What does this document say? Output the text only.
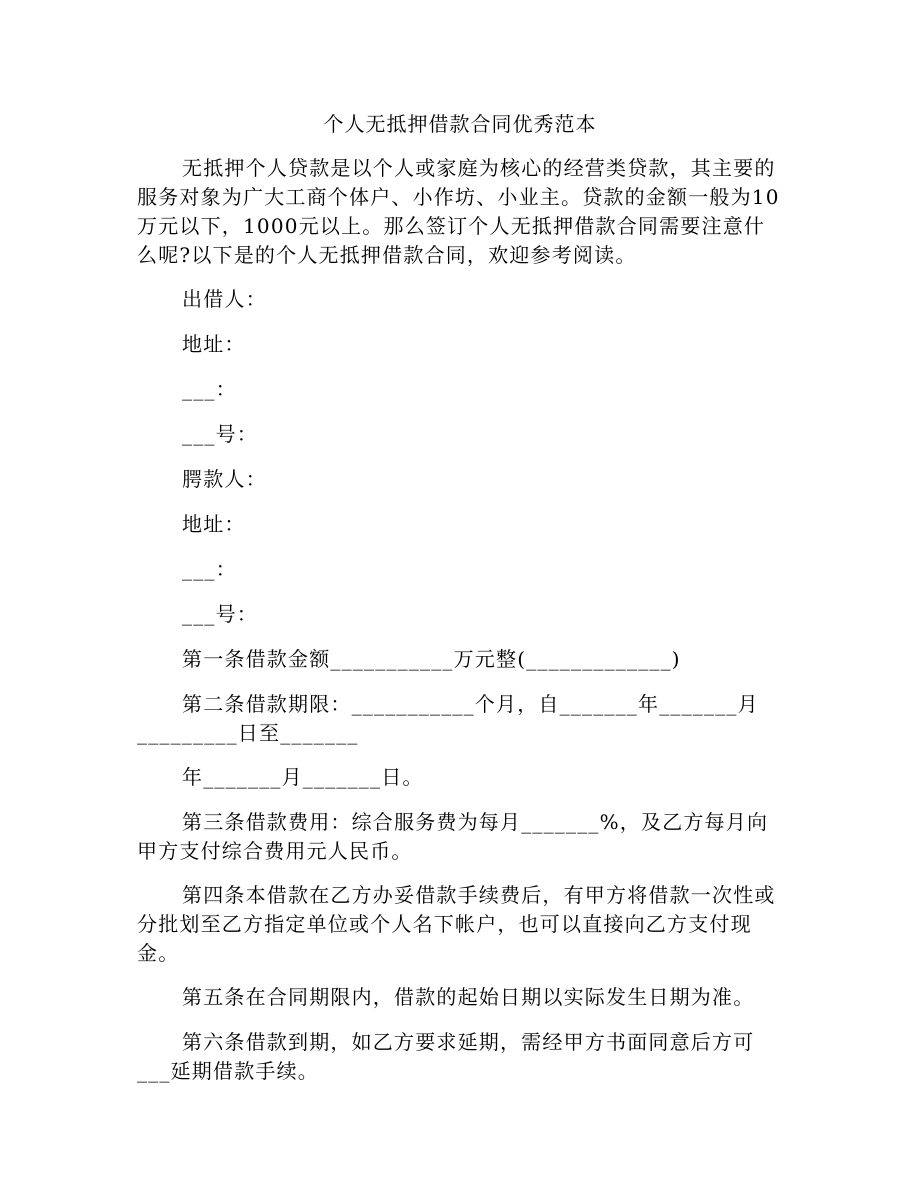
个人无抵押借款合同优秀范本

无抵押个人贷款是以个人或家庭为核心的经营类贷款，其主要的服务对象为广大工商个体户、小作坊、小业主。贷款的金额一般为10万元以下，1000元以上。那么签订个人无抵押借款合同需要注意什么呢?以下是的个人无抵押借款合同，欢迎参考阅读。

出借人：

地址：

___：

___号：

腭款人：

地址：

___：

___号：

第一条借款金额___________万元整(_____________)

第二条借款期限：___________个月，自_______年_______月_________日至_______

年_______月_______日。

第三条借款费用：综合服务费为每月_______%，及乙方每月向甲方支付综合费用元人民币。

第四条本借款在乙方办妥借款手续费后，有甲方将借款一次性或分批划至乙方指定单位或个人名下帐户，也可以直接向乙方支付现金。

第五条在合同期限内，借款的起始日期以实际发生日期为准。

第六条借款到期，如乙方要求延期，需经甲方书面同意后方可___延期借款手续。
